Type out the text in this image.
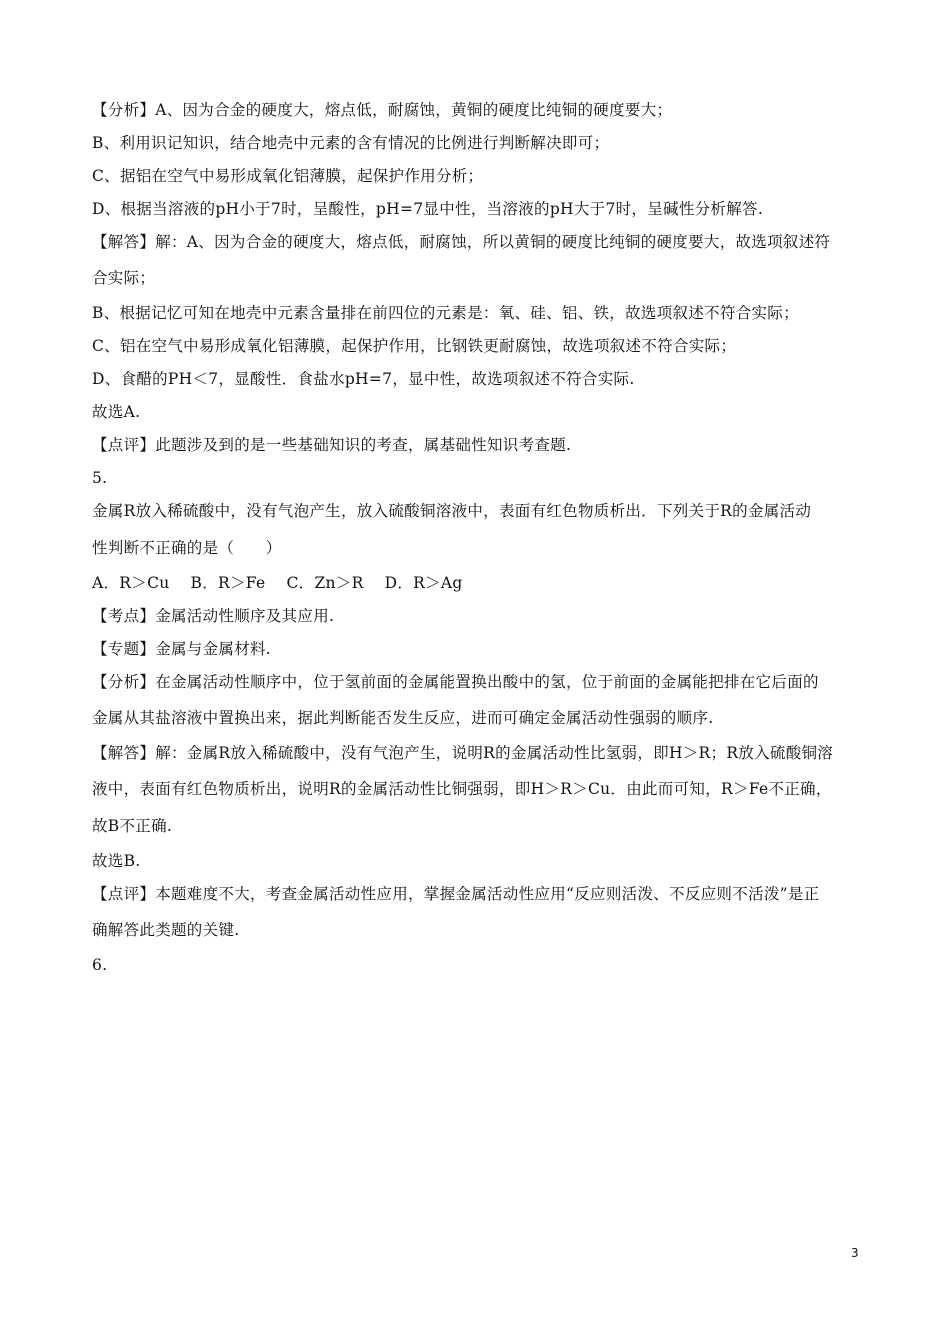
【分析】A、因为合金的硬度大，熔点低，耐腐蚀，黄铜的硬度比纯铜的硬度要大；
B、利用识记知识，结合地壳中元素的含有情况的比例进行判断解决即可；
C、据铝在空气中易形成氧化铝薄膜，起保护作用分析；
D、根据当溶液的pH小于7时，呈酸性，pH=7显中性，当溶液的pH大于7时，呈碱性分析解答.
【解答】解：A、因为合金的硬度大，熔点低，耐腐蚀，所以黄铜的硬度比纯铜的硬度要大，故选项叙述符
合实际；
B、根据记忆可知在地壳中元素含量排在前四位的元素是：氧、硅、铝、铁，故选项叙述不符合实际；
C、铝在空气中易形成氧化铝薄膜，起保护作用，比钢铁更耐腐蚀，故选项叙述不符合实际；
D、食醋的PH＜7，显酸性．食盐水pH=7，显中性，故选项叙述不符合实际.
故选A.
【点评】此题涉及到的是一些基础知识的考查，属基础性知识考查题.
5.
金属R放入稀硫酸中，没有气泡产生，放入硫酸铜溶液中，表面有红色物质析出．下列关于R的金属活动
性判断不正确的是（　　）
A．R＞Cu　 B．R＞Fe　 C．Zn＞R　 D．R＞Ag
【考点】金属活动性顺序及其应用.
【专题】金属与金属材料.
【分析】在金属活动性顺序中，位于氢前面的金属能置换出酸中的氢，位于前面的金属能把排在它后面的
金属从其盐溶液中置换出来，据此判断能否发生反应，进而可确定金属活动性强弱的顺序.
【解答】解：金属R放入稀硫酸中，没有气泡产生，说明R的金属活动性比氢弱，即H＞R；R放入硫酸铜溶
液中，表面有红色物质析出，说明R的金属活动性比铜强弱，即H＞R＞Cu．由此而可知，R＞Fe不正确，
故B不正确.
故选B.
【点评】本题难度不大，考查金属活动性应用，掌握金属活动性应用“反应则活泼、不反应则不活泼”是正
确解答此类题的关键.
6.
3
